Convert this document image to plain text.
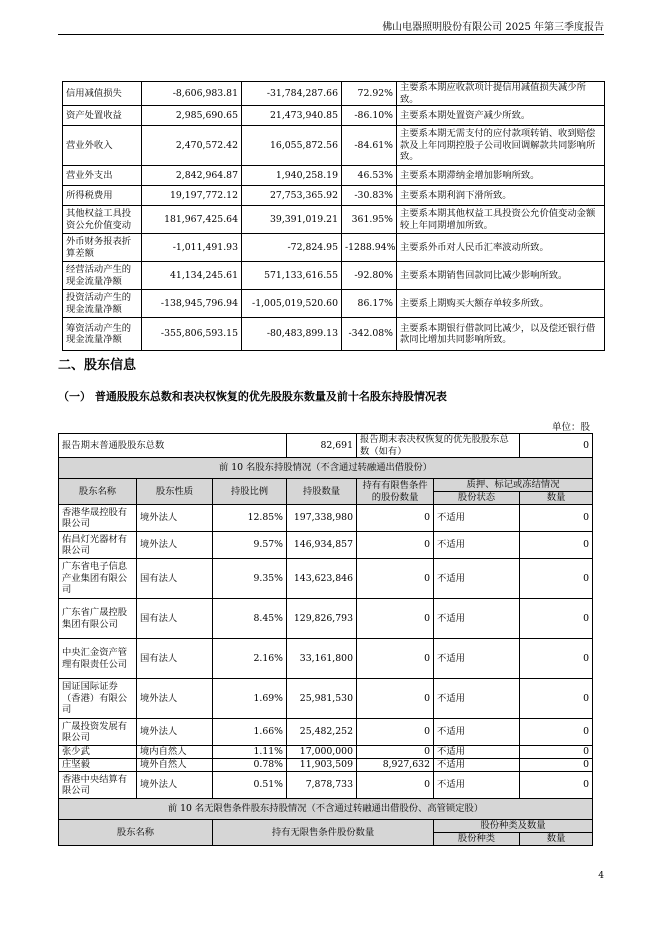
佛山电器照明股份有限公司 2025 年第三季度报告
信用减值损失	-8,606,983.81	-31,784,287.66	72.92%	主要系本期应收款项计提信用减值损失减少所致。
资产处置收益	2,985,690.65	21,473,940.85	-86.10%	主要系本期处置资产减少所致。
营业外收入	2,470,572.42	16,055,872.56	-84.61%	主要系本期无需支付的应付款项转销、收到赔偿款及上年同期控股子公司收回调解款共同影响所致。
营业外支出	2,842,964.87	1,940,258.19	46.53%	主要系本期滞纳金增加影响所致。
所得税费用	19,197,772.12	27,753,365.92	-30.83%	主要系本期利润下滑所致。
其他权益工具投资公允价值变动	181,967,425.64	39,391,019.21	361.95%	主要系本期其他权益工具投资公允价值变动金额较上年同期增加所致。
外币财务报表折算差额	-1,011,491.93	-72,824.95	-1288.94%	主要系外币对人民币汇率波动所致。
经营活动产生的现金流量净额	41,134,245.61	571,133,616.55	-92.80%	主要系本期销售回款同比减少影响所致。
投资活动产生的现金流量净额	-138,945,796.94	-1,005,019,520.60	86.17%	主要系上期购买大额存单较多所致。
筹资活动产生的现金流量净额	-355,806,593.15	-80,483,899.13	-342.08%	主要系本期银行借款同比减少，以及偿还银行借款同比增加共同影响所致。
二、股东信息
（一） 普通股股东总数和表决权恢复的优先股股东数量及前十名股东持股情况表
单位：股
报告期末普通股股东总数			82,691	报告期末表决权恢复的优先股股东总数（如有）		0
前 10 名股东持股情况（不含通过转融通出借股份）						
股东名称	股东性质	持股比例	持股数量	持有有限售条件的股份数量	质押、标记或冻结情况	
					股份状态	数量
香港华晟控股有限公司	境外法人	12.85%	197,338,980	0	不适用	0
佑昌灯光器材有限公司	境外法人	9.57%	146,934,857	0	不适用	0
广东省电子信息产业集团有限公司	国有法人	9.35%	143,623,846	0	不适用	0
广东省广晟控股集团有限公司	国有法人	8.45%	129,826,793	0	不适用	0
中央汇金资产管理有限责任公司	国有法人	2.16%	33,161,800	0	不适用	0
国证国际证券（香港）有限公司	境外法人	1.69%	25,981,530	0	不适用	0
广晟投资发展有限公司	境外法人	1.66%	25,482,252	0	不适用	0
张少武	境内自然人	1.11%	17,000,000	0	不适用	0
庄坚毅	境外自然人	0.78%	11,903,509	8,927,632	不适用	0
香港中央结算有限公司	境外法人	0.51%	7,878,733	0	不适用	0
前 10 名无限售条件股东持股情况（不含通过转融通出借股份、高管锁定股）						
股东名称		持有无限售条件股份数量			股份种类及数量	
					股份种类	数量
4
